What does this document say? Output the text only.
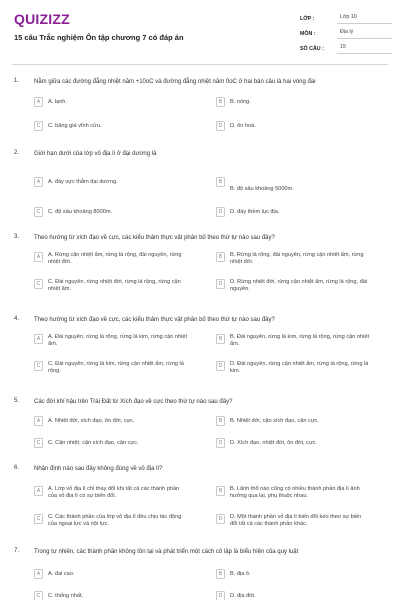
QUIZIZZ
15 câu Trắc nghiệm Ôn tập chương 7 có đáp án
LỚP :	Lớp 10
MÔN :	Địa lý
SỐ CÂU :	15
1. Nằm giữa các đường đẳng nhiệt năm +10oC và đường đẳng nhiệt năm 0oC ở hai bán cầu là hai vòng đai
A	A. lạnh.	B	B. nóng.
C	C. băng giá vĩnh cửu.	D	D. ôn hoà.
2. Giới hạn dưới của lớp vỏ địa lí ở đại dương là
A	A. đáy vực thẳm đại dương.	B
B. độ sâu khoảng 5000m.
C	C. độ sâu khoảng 8000m.	D	D. đáy thềm lục địa.
3. Theo hướng từ xích đạo về cực, các kiểu thảm thực vật phân bố theo thứ tự nào sau đây?
A	A. Rừng cận nhiệt ẩm, rừng lá rộng, đài nguyên, rừng nhiệt đới.
B	B. Rừng lá rộng, đài nguyên, rừng cận nhiệt ẩm, rừng nhiệt đới.
C	C. Đài nguyên, rừng nhiệt đới, rừng lá rộng, rừng cận nhiệt ẩm.
D	D. Rừng nhiệt đới, rừng cận nhiệt ẩm, rừng lá rộng, đài nguyên.
4. Theo hướng từ xích đạo về cực, các kiểu thảm thực vật phân bố theo thứ tự nào sau đây?
A	A. Đài nguyên, rừng lá rộng, rừng lá kim, rừng cận nhiệt ẩm.
B	B. Đài nguyên, rừng lá kim, rừng lá rộng, rừng cận nhiệt ẩm.
C	C. Đài nguyên, rừng lá kim, rừng cận nhiệt ẩm, rừng lá rộng.
D	D. Đài nguyên, rừng cận nhiệt ẩm, rừng lá rộng, rừng lá kim.
5. Các đới khí hậu trên Trái Đất từ Xích đạo về cực theo thứ tự nào sau đây?
A	A. Nhiệt đới, xích đạo, ôn đới, cực.	B	B. Nhiệt đới, cận xích đạo, cận cực.
C	C. Cận nhiệt, cận xích đạo, cận cực.	D	D. Xích đạo, nhiệt đới, ôn đới, cực.
6. Nhận định nào sau đây không đúng về vỏ địa lí?
A	A. Lớp vỏ địa lí chỉ thay đổi khi tất cả các thành phần của vỏ địa lí có sự biến đổi.
B	B. Lãnh thổ nào cũng có nhiều thành phần địa lí ảnh hưởng qua lại, phụ thuộc nhau.
C	C. Các thành phần của lớp vỏ địa lí đều chịu tác động của ngoại lực và nội lực.
D	D. Một thành phần vỏ địa lí biến đổi kéo theo sự biến đổi tất cả các thành phần khác.
7. Trong tự nhiên, các thành phần không tồn tại và phát triển một cách cô lập là biểu hiện của quy luật
A	A. đai cao.	B	B. địa ô.
C	C. thống nhất.	D	D. địa đới.
